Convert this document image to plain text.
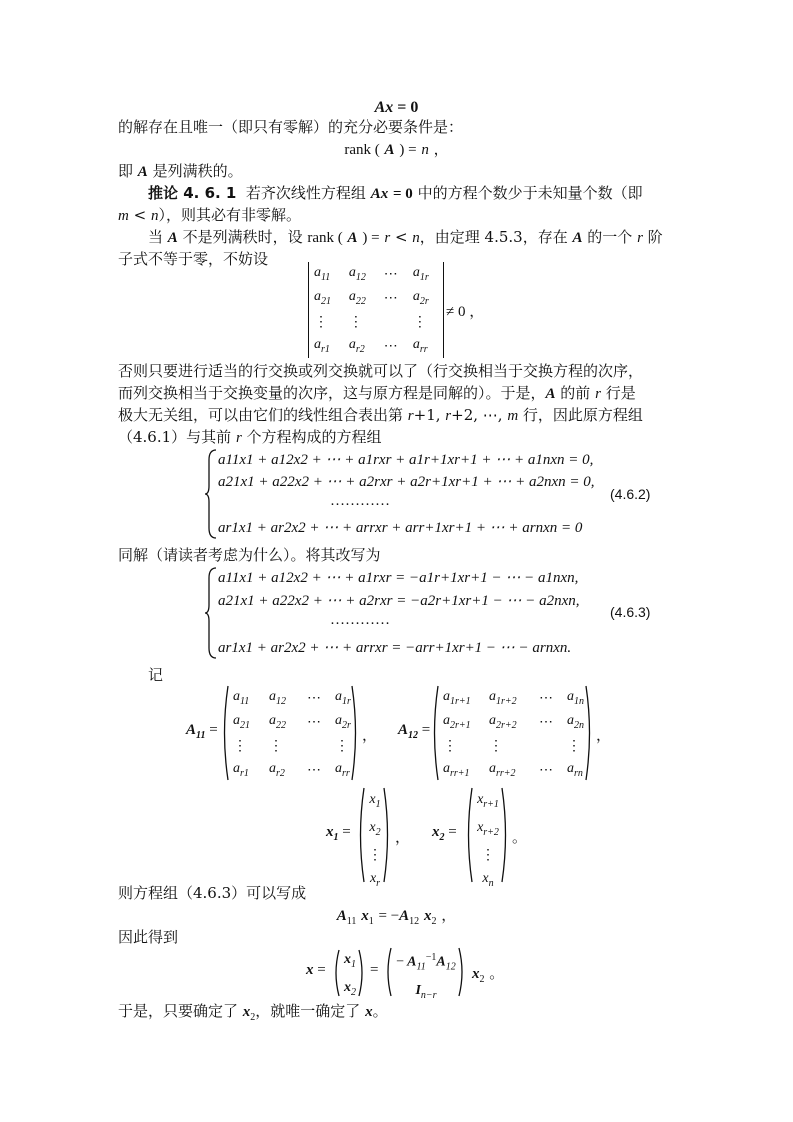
Ax = 0
的解存在且唯一（即只有零解）的充分必要条件是：
rank ( A ) = n ，
即 A 是列满秩的。
推论 4. 6. 1  若齐次线性方程组 Ax = 0 中的方程个数少于未知量个数（即
m < n），则其必有非零解。
当 A 不是列满秩时，设 rank ( A ) = r < n，由定理 4.5.3，存在 A 的一个 r 阶
子式不等于零，不妨设
$a_{11}$	$a_{12}$	⋯	$a_{1r}$
$a_{21}$	$a_{22}$	⋯	$a_{2r}$
⋮	⋮		⋮
$a_{r1}$	$a_{r2}$	⋯	$a_{rr}$
≠ 0 ，
否则只要进行适当的行交换或列交换就可以了（行交换相当于交换方程的次序，
而列交换相当于交换变量的次序，这与原方程是同解的）。于是，A 的前 r 行是
极大无关组，可以由它们的线性组合表出第 r+1, r+2, ⋯, m 行，因此原方程组
（4.6.1）与其前 r 个方程构成的方程组
a11x1 + a12x2 + ⋯ + a1rxr + a1r+1xr+1 + ⋯ + a1nxn = 0,
a21x1 + a22x2 + ⋯ + a2rxr + a2r+1xr+1 + ⋯ + a2nxn = 0,
…………
ar1x1 + ar2x2 + ⋯ + arrxr + arr+1xr+1 + ⋯ + arnxn = 0
(4.6.2)
同解（请读者考虑为什么）。将其改写为
a11x1 + a12x2 + ⋯ + a1rxr = −a1r+1xr+1 − ⋯ − a1nxn,
a21x1 + a22x2 + ⋯ + a2rxr = −a2r+1xr+1 − ⋯ − a2nxn,
…………
ar1x1 + ar2x2 + ⋯ + arrxr = −arr+1xr+1 − ⋯ − arnxn.
(4.6.3)
记
$A_{11}$ =
$a_{11}$	$a_{12}$	⋯	$a_{1r}$
$a_{21}$	$a_{22}$	⋯	$a_{2r}$
⋮	⋮		⋮
$a_{r1}$	$a_{r2}$	⋯	$a_{rr}$
， $A_{12}$ =
$a_{1r+1}$	$a_{1r+2}$	⋯	$a_{1n}$
$a_{2r+1}$	$a_{2r+2}$	⋯	$a_{2n}$
⋮	⋮		⋮
$a_{rr+1}$	$a_{rr+2}$	⋯	$a_{rn}$
，
$x_1$ =
$x_1$
$x_2$
⋮
$x_r$
， $x_2$ =
$x_{r+1}$
$x_{r+2}$
⋮
$x_n$
。
则方程组（4.6.3）可以写成
$A_{11}$ $x_1 = -A_{12}$ $x_2$ ，
因此得到
x =
$x_1$
$x_2$
=	− $A_{11}^{-1}A_{12}$
$I_{n-r}$
$x_2$ 。
于是，只要确定了 $x_2$，就唯一确定了 x。
